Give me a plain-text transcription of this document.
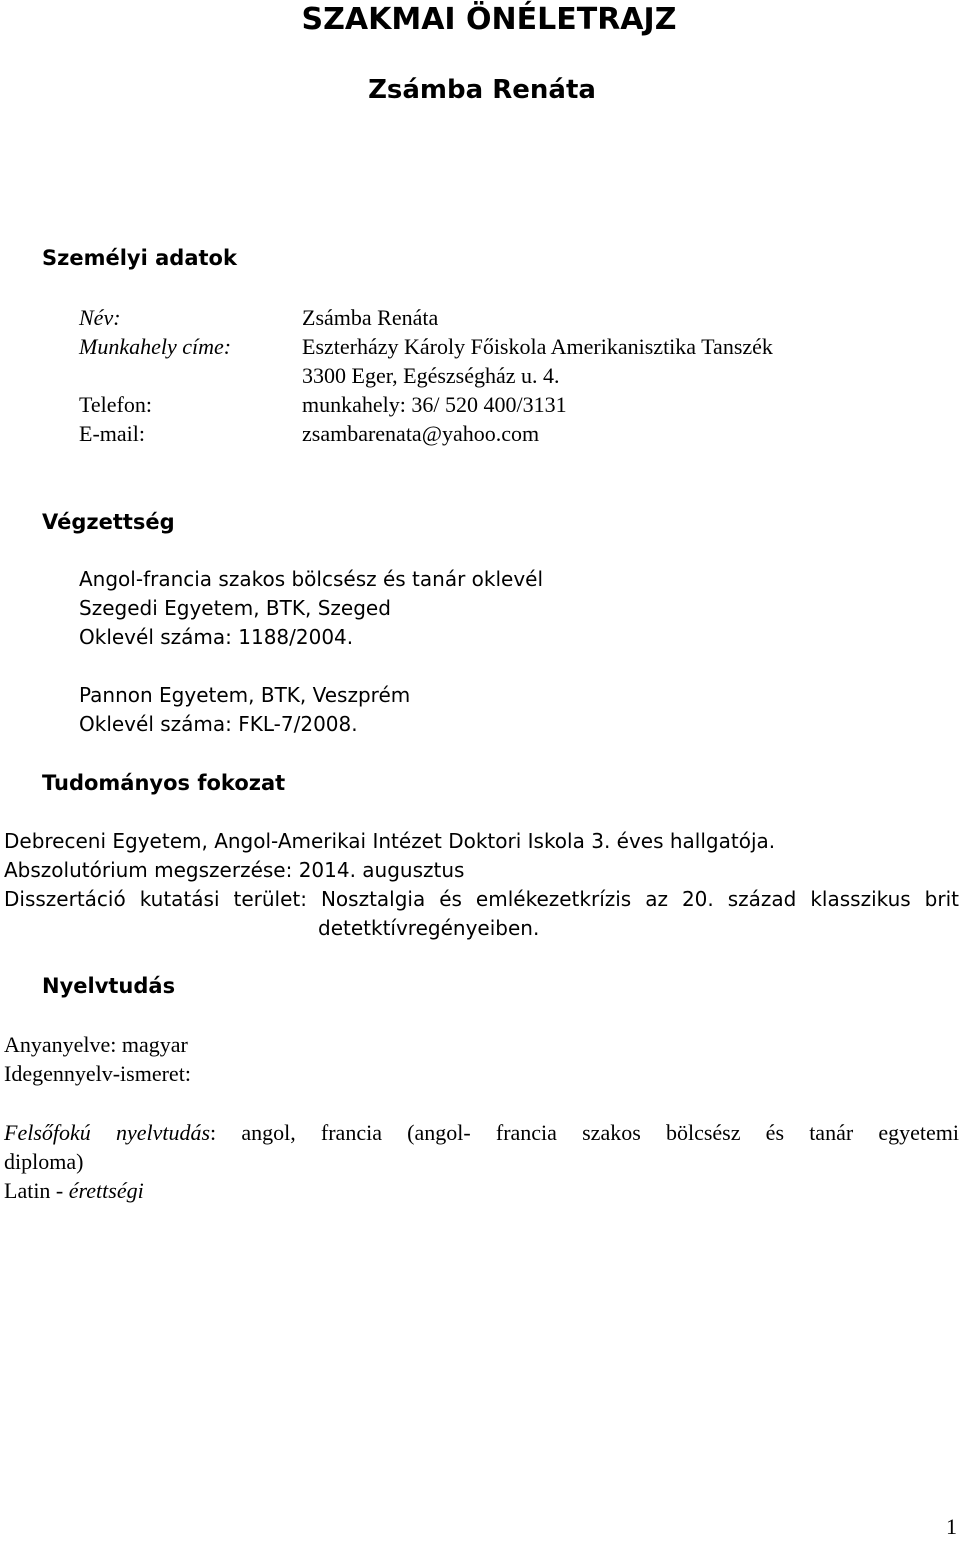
SZAKMAI ÖNÉLETRAJZ
Zsámba Renáta
Személyi adatok
Név:	Zsámba Renáta
Munkahely címe:	Eszterházy Károly Főiskola Amerikanisztika Tanszék
3300 Eger, Egészségház u. 4.
Telefon:	munkahely: 36/ 520 400/3131
E-mail:	zsambarenata@yahoo.com
Végzettség
Angol-francia szakos bölcsész és tanár oklevél
Szegedi Egyetem, BTK, Szeged
Oklevél száma: 1188/2004.
Pannon Egyetem, BTK, Veszprém
Oklevél száma: FKL-7/2008.
Tudományos fokozat
Debreceni Egyetem, Angol-Amerikai Intézet Doktori Iskola 3. éves hallgatója.
Abszolutórium megszerzése: 2014. augusztus
Disszertáció kutatási terület: Nosztalgia és emlékezetkrízis az 20. század klasszikus brit
detetktívregényeiben.
Nyelvtudás
Anyanyelve: magyar
Idegennyelv-ismeret:
Felsőfokú nyelvtudás: angol, francia (angol- francia szakos bölcsész és tanár egyetemi
diploma)
Latin - érettségi
1
